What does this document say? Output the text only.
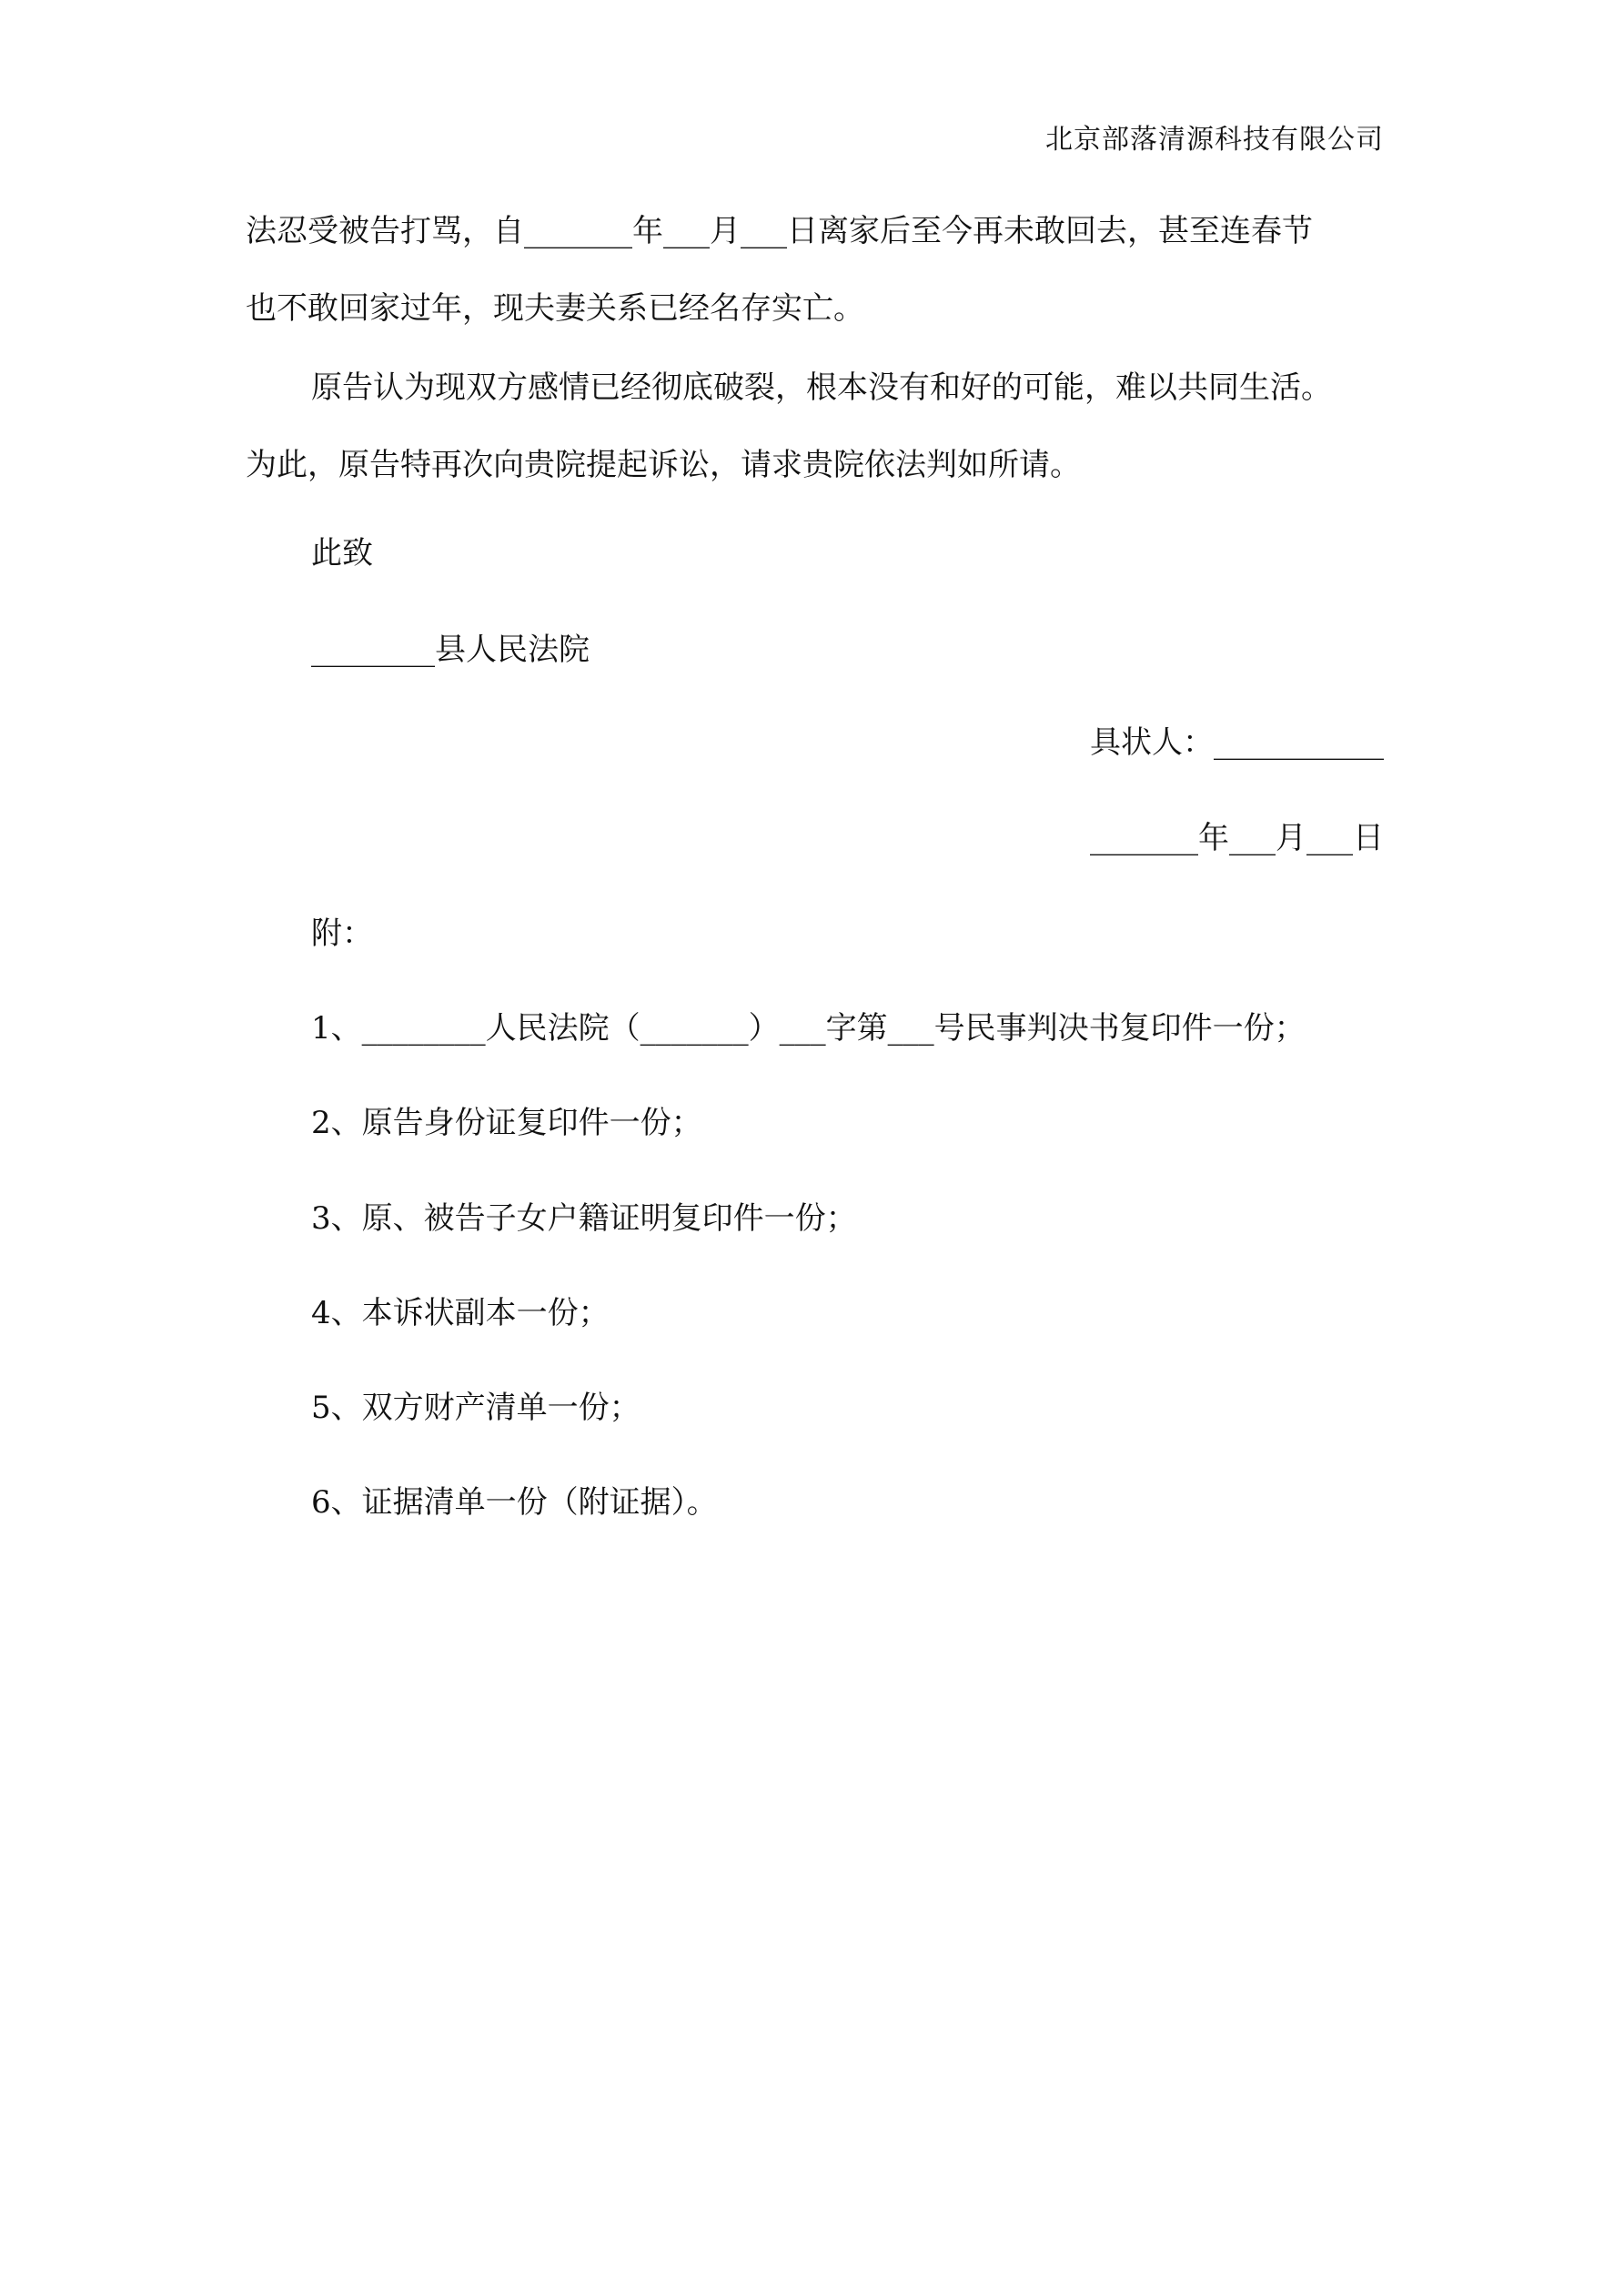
北京部落清源科技有限公司
法忍受被告打骂，自_______年___月___日离家后至今再未敢回去，甚至连春节
也不敢回家过年，现夫妻关系已经名存实亡。
原告认为现双方感情已经彻底破裂，根本没有和好的可能，难以共同生活。
为此，原告特再次向贵院提起诉讼，请求贵院依法判如所请。
此致
________县人民法院
具状人：___________
_______年___月___日
附：
1、________人民法院（_______）___字第___号民事判决书复印件一份；
2、原告身份证复印件一份；
3、原、被告子女户籍证明复印件一份；
4、本诉状副本一份；
5、双方财产清单一份；
6、证据清单一份（附证据）。
